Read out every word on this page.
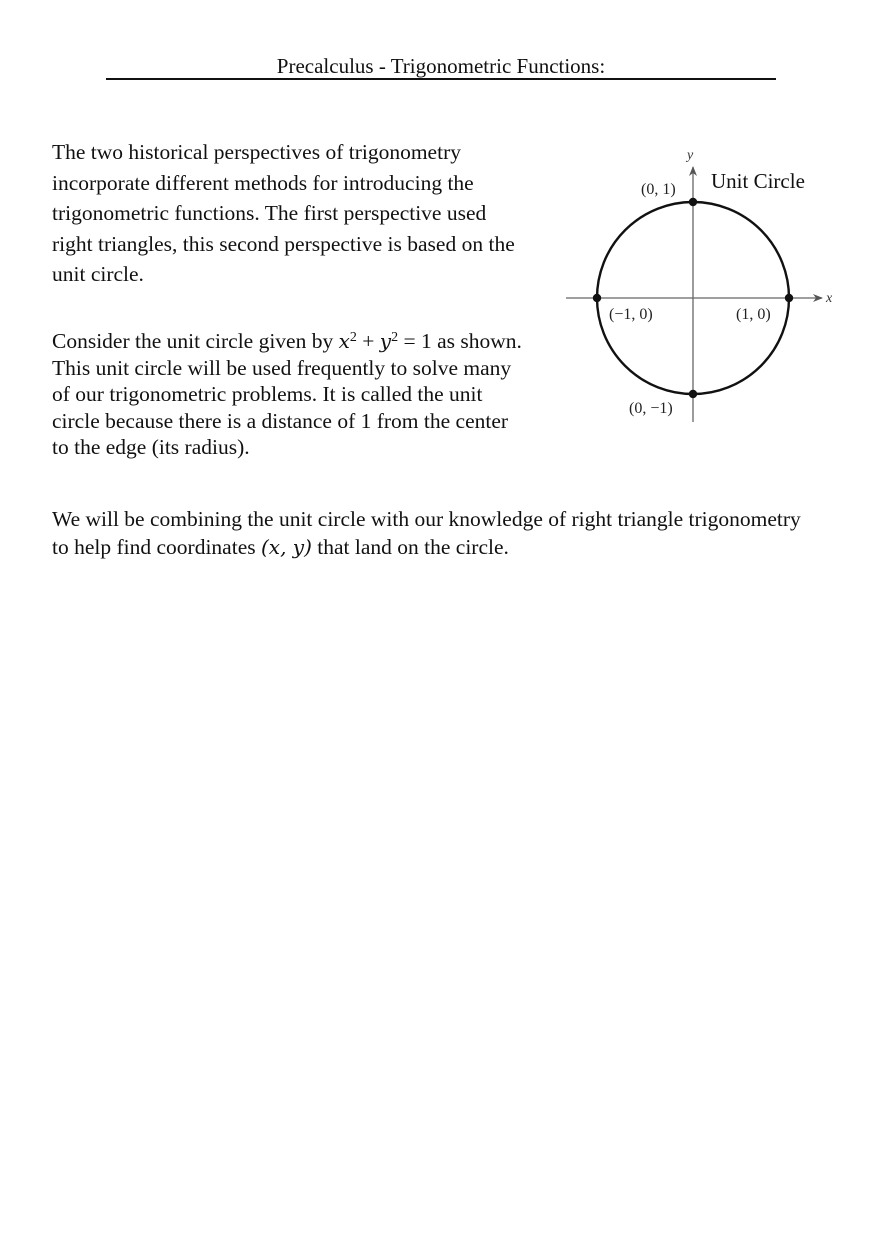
Precalculus - Trigonometric Functions:

The two historical perspectives of trigonometry incorporate different methods for introducing the trigonometric functions. The first perspective used right triangles, this second perspective is based on the unit circle.

Consider the unit circle given by $x^2 + y^2 = 1$ as shown. This unit circle will be used frequently to solve many of our trigonometric problems. It is called the unit circle because there is a distance of 1 from the center to the edge (its radius).

We will be combining the unit circle with our knowledge of right triangle trigonometry to help find coordinates (x, y) that land on the circle.

Unit Circle

x
y
(0, 1)
(−1, 0)	(1, 0)
(0, −1)
